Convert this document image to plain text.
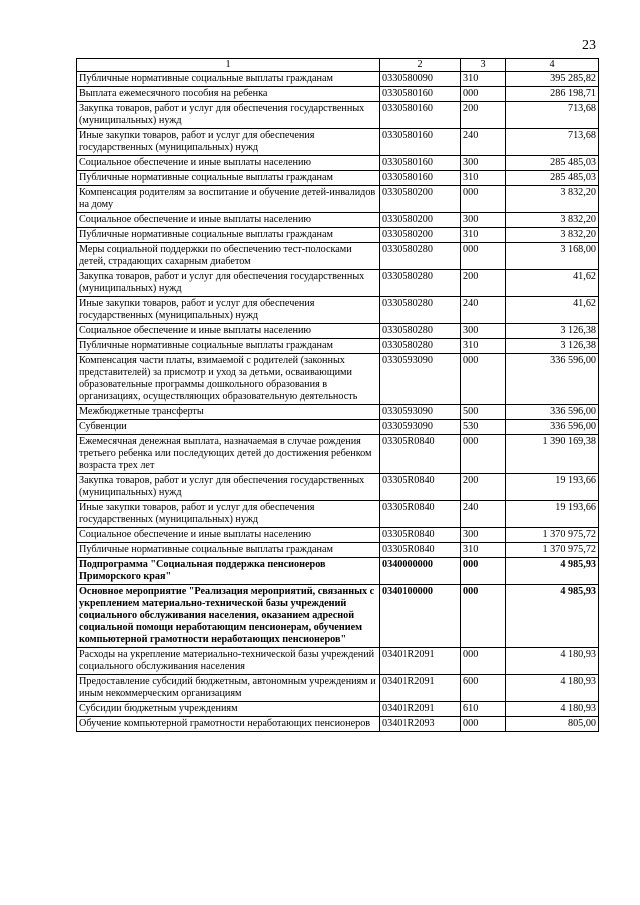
23
1	2	3	4
Публичные нормативные социальные выплаты гражданам	0330580090	310	395 285,82
Выплата ежемесячного пособия на ребенка	0330580160	000	286 198,71
Закупка товаров, работ и услуг для обеспечения государственных (муниципальных) нужд	0330580160	200	713,68
Иные закупки товаров, работ и услуг для обеспечения государственных (муниципальных) нужд	0330580160	240	713,68
Социальное обеспечение и иные выплаты населению	0330580160	300	285 485,03
Публичные нормативные социальные выплаты гражданам	0330580160	310	285 485,03
Компенсация родителям за воспитание и обучение детей-инвалидов на дому	0330580200	000	3 832,20
Социальное обеспечение и иные выплаты населению	0330580200	300	3 832,20
Публичные нормативные социальные выплаты гражданам	0330580200	310	3 832,20
Меры социальной поддержки по обеспечению тест-полосками детей, страдающих сахарным диабетом	0330580280	000	3 168,00
Закупка товаров, работ и услуг для обеспечения государственных (муниципальных) нужд	0330580280	200	41,62
Иные закупки товаров, работ и услуг для обеспечения государственных (муниципальных) нужд	0330580280	240	41,62
Социальное обеспечение и иные выплаты населению	0330580280	300	3 126,38
Публичные нормативные социальные выплаты гражданам	0330580280	310	3 126,38
Компенсация части платы, взимаемой с родителей (законных представителей) за присмотр и уход за детьми, осваивающими образовательные программы дошкольного образования в организациях, осуществляющих образовательную деятельность	0330593090	000	336 596,00
Межбюджетные трансферты	0330593090	500	336 596,00
Субвенции	0330593090	530	336 596,00
Ежемесячная денежная выплата, назначаемая в случае рождения третьего ребенка или последующих детей до достижения ребенком возраста трех лет	03305R0840	000	1 390 169,38
Закупка товаров, работ и услуг для обеспечения государственных (муниципальных) нужд	03305R0840	200	19 193,66
Иные закупки товаров, работ и услуг для обеспечения государственных (муниципальных) нужд	03305R0840	240	19 193,66
Социальное обеспечение и иные выплаты населению	03305R0840	300	1 370 975,72
Публичные нормативные социальные выплаты гражданам	03305R0840	310	1 370 975,72
Подпрограмма "Социальная поддержка пенсионеров Приморского края"	0340000000	000	4 985,93
Основное мероприятие "Реализация мероприятий, связанных с укреплением материально-технической базы учреждений социального обслуживания населения, оказанием адресной социальной помощи неработающим пенсионерам, обучением компьютерной грамотности неработающих пенсионеров"	0340100000	000	4 985,93
Расходы на укрепление материально-технической базы учреждений социального обслуживания населения	03401R2091	000	4 180,93
Предоставление субсидий бюджетным, автономным учреждениям и иным некоммерческим организациям	03401R2091	600	4 180,93
Субсидии бюджетным учреждениям	03401R2091	610	4 180,93
Обучение компьютерной грамотности неработающих пенсионеров	03401R2093	000	805,00
